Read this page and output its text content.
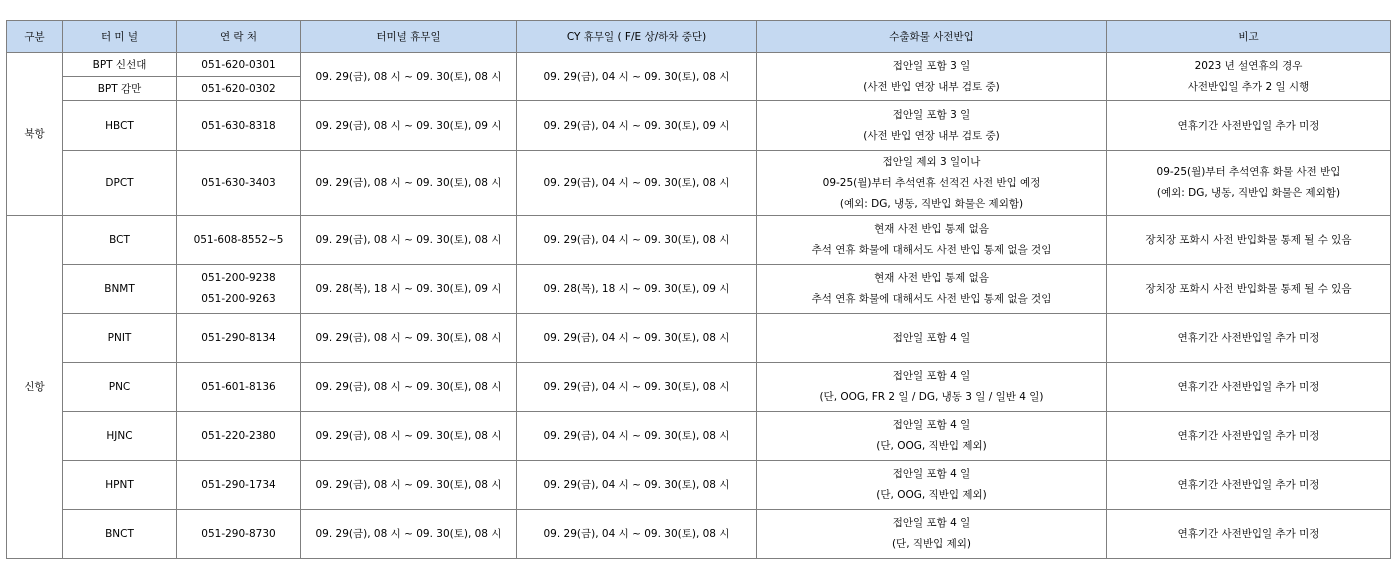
구분	터 미 널	연 락 처	터미널 휴무일	CY 휴무일 ( F/E 상/하차 중단)	수출화물 사전반입	비고
북항	BPT 신선대	051-620-0301	09. 29(금), 08 시 ~ 09. 30(토), 08 시	09. 29(금), 04 시 ~ 09. 30(토), 08 시	접안일 포함 3 일
(사전 반입 연장 내부 검토 중)	2023 년 설연휴의 경우
사전반입일 추가 2 일 시행

	BPT 감만	051-620-0302				
	HBCT	051-630-8318	09. 29(금), 08 시 ~ 09. 30(토), 09 시	09. 29(금), 04 시 ~ 09. 30(토), 09 시	접안일 포함 3 일
(사전 반입 연장 내부 검토 중)	연휴기간 사전반입일 추가 미정
	DPCT	051-630-3403	09. 29(금), 08 시 ~ 09. 30(토), 08 시	09. 29(금), 04 시 ~ 09. 30(토), 08 시	접안일 제외 3 일이나
09-25(월)부터 추석연휴 선적건 사전 반입 예정
(예외: DG, 냉동, 직반입 화물은 제외함)	09-25(월)부터 추석연휴 화물 사전 반입
(예외: DG, 냉동, 직반입 화물은 제외함)

신항	BCT	051-608-8552~5	09. 29(금), 08 시 ~ 09. 30(토), 08 시	09. 29(금), 04 시 ~ 09. 30(토), 08 시	현재 사전 반입 통제 없음
추석 연휴 화물에 대해서도 사전 반입 통제 없을 것임	장치장 포화시 사전 반입화물 통제 될 수 있음
	BNMT	051-200-9238
051-200-9263	09. 28(목), 18 시 ~ 09. 30(토), 09 시	09. 28(목), 18 시 ~ 09. 30(토), 09 시	현재 사전 반입 통제 없음
추석 연휴 화물에 대해서도 사전 반입 통제 없을 것임	장치장 포화시 사전 반입화물 통제 될 수 있음
	PNIT	051-290-8134	09. 29(금), 08 시 ~ 09. 30(토), 08 시	09. 29(금), 04 시 ~ 09. 30(토), 08 시	접안일 포함 4 일	연휴기간 사전반입일 추가 미정
	PNC	051-601-8136	09. 29(금), 08 시 ~ 09. 30(토), 08 시	09. 29(금), 04 시 ~ 09. 30(토), 08 시	접안일 포함 4 일
(단, OOG, FR 2 일 / DG, 냉동 3 일 / 일반 4 일)	연휴기간 사전반입일 추가 미정
	HJNC	051-220-2380	09. 29(금), 08 시 ~ 09. 30(토), 08 시	09. 29(금), 04 시 ~ 09. 30(토), 08 시	접안일 포함 4 일
(단, OOG, 직반입 제외)	연휴기간 사전반입일 추가 미정
	HPNT	051-290-1734	09. 29(금), 08 시 ~ 09. 30(토), 08 시	09. 29(금), 04 시 ~ 09. 30(토), 08 시	접안일 포함 4 일
(단, OOG, 직반입 제외)	연휴기간 사전반입일 추가 미정
	BNCT	051-290-8730	09. 29(금), 08 시 ~ 09. 30(토), 08 시	09. 29(금), 04 시 ~ 09. 30(토), 08 시	접안일 포함 4 일
(단, 직반입 제외)	연휴기간 사전반입일 추가 미정
